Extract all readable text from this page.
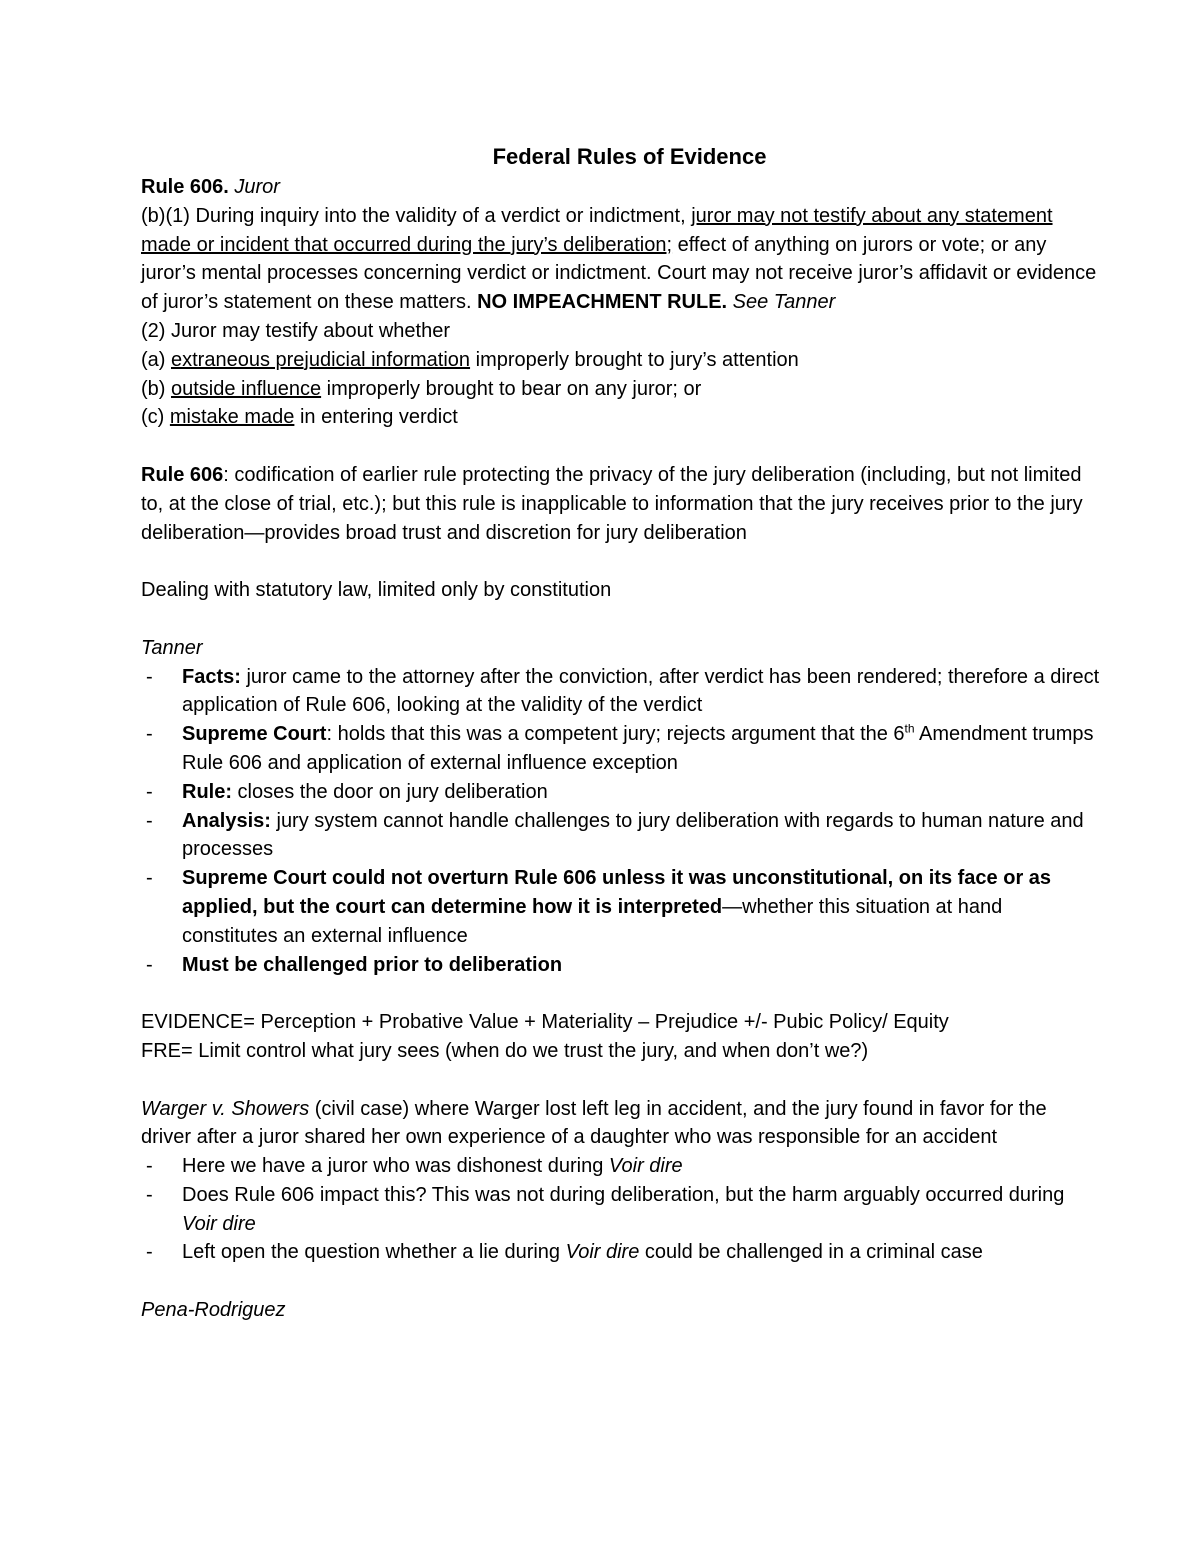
Federal Rules of Evidence

Rule 606. Juror

(b)(1) During inquiry into the validity of a verdict or indictment, juror may not testify about any statement made or incident that occurred during the jury’s deliberation; effect of anything on jurors or vote; or any juror’s mental processes concerning verdict or indictment. Court may not receive juror’s affidavit or evidence of juror’s statement on these matters. NO IMPEACHMENT RULE. See Tanner

(2) Juror may testify about whether

(a) extraneous prejudicial information improperly brought to jury’s attention

(b) outside influence improperly brought to bear on any juror; or

(c) mistake made in entering verdict

Rule 606: codification of earlier rule protecting the privacy of the jury deliberation (including, but not limited to, at the close of trial, etc.); but this rule is inapplicable to information that the jury receives prior to the jury deliberation—provides broad trust and discretion for jury deliberation

Dealing with statutory law, limited only by constitution

Tanner

- Facts: juror came to the attorney after the conviction, after verdict has been rendered; therefore a direct application of Rule 606, looking at the validity of the verdict
- Supreme Court: holds that this was a competent jury; rejects argument that the 6th Amendment trumps Rule 606 and application of external influence exception
- Rule: closes the door on jury deliberation
- Analysis: jury system cannot handle challenges to jury deliberation with regards to human nature and processes
- Supreme Court could not overturn Rule 606 unless it was unconstitutional, on its face or as applied, but the court can determine how it is interpreted—whether this situation at hand constitutes an external influence
- Must be challenged prior to deliberation

EVIDENCE= Perception + Probative Value + Materiality – Prejudice +/- Pubic Policy/ Equity

FRE= Limit control what jury sees (when do we trust the jury, and when don’t we?)

Warger v. Showers (civil case) where Warger lost left leg in accident, and the jury found in favor for the driver after a juror shared her own experience of a daughter who was responsible for an accident

- Here we have a juror who was dishonest during Voir dire
- Does Rule 606 impact this? This was not during deliberation, but the harm arguably occurred during Voir dire
- Left open the question whether a lie during Voir dire could be challenged in a criminal case

Pena-Rodriguez
